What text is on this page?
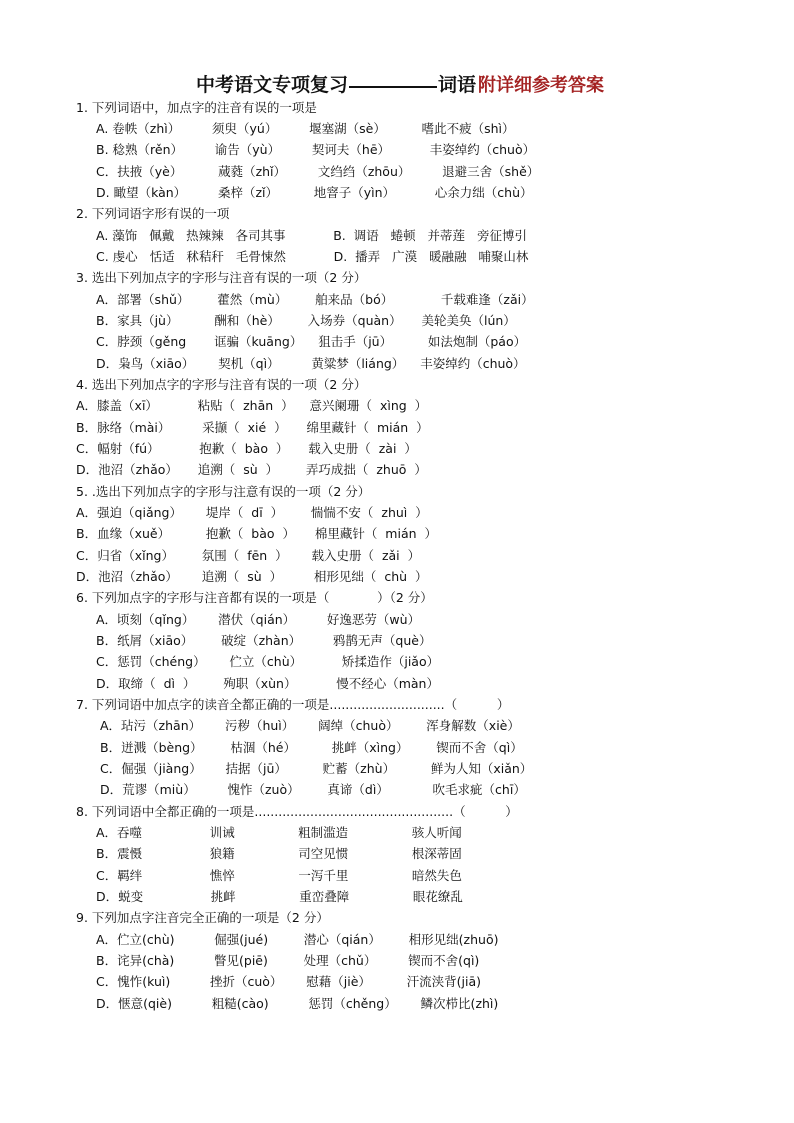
中考语文专项复习	词语 附详细参考答案
1. 下列词语中，加点字的注音有误的一项是
A. 卷帙（zhì）        须臾（yú）        堰塞湖（sè）         嗜此不疲（shì）
B. 稔熟（rěn）        谕告（yù）        契诃夫（hē）          丰姿绰约（chuò）
C．扶掖（yè）         蒇蕤（zhǐ）        文绉绉（zhōu）        退避三舍（shě）
D. 瞰望（kàn）        桑梓（zǐ）         地窨子（yìn）          心余力绌（chù）
2. 下列词语字形有误的一项
A. 藻饰   佩戴   热辣辣   各司其事            B.  调语   蜷顿   并蒂莲   旁征博引
C. 虔心   恬适   秫秸秆   毛骨悚然            D.  播弄   广漠   暖融融   哺聚山林
3. 选出下列加点字的字形与注音有误的一项（2 分）
A．部署（shǔ）       藿然（mù）       舶来品（bó）            千载难逢（zǎi）
B．家具（jù）         酬和（hè）       入场券（quàn）     美轮美奂（lún）
C．脖颈（gěng       诓骗（kuāng）    狙击手（jū）         如法炮制（páo）
D．枭鸟（xiāo）      契机（qì）        黄粱梦（liáng）    丰姿绰约（chuò）
4. 选出下列加点字的字形与注音有误的一项（2 分）
A．膝盖（xī）          粘贴（  zhān  ）    意兴阑珊（  xìng  ）
B．脉络（mài）        采撷（  xié  ）     绵里藏针（  mián  ）
C．幅射（fú）          抱歉（  bào  ）     载入史册（  zài  ）
D．池沼（zhǎo）     追溯（  sù  ）       弄巧成拙（  zhuō  ）
5. .选出下列加点字的字形与注意有误的一项（2 分）
A．强迫（qiǎng）      堤岸（  dī  ）       惴惴不安（  zhuì  ）
B．血缘（xuě）         抱歉（  bào  ）     棉里藏针（  mián  ）
C．归省（xǐng）       氛围（  fēn  ）      载入史册（  zǎi  ）
D．池沼（zhǎo）      追溯（  sù  ）        相形见绌（  chù  ）
6. 下列加点字的字形与注音都有误的一项是（            ）（2 分）
A．顷刻（qǐng）      潜伏（qián）        好逸恶劳（wù）
B．纸屑（xiāo）       破绽（zhàn）        鸦鹊无声（què）
C．惩罚（chéng）      伫立（chù）          矫揉造作（jiǎo）
D．取缔（  dì  ）       殉职（xùn）          慢不经心（màn）
7. 下列词语中加点字的读音全都正确的一项是.............................（          ）
A．玷污（zhān）      污秽（huì）      阔绰（chuò）       浑身解数（xiè）
B．迸溅（bèng）       枯涸（hé）         挑衅（xìng）       锲而不舍（qì）
C．倔强（jiàng）      拮据（jū）         贮蓄（zhù）         鲜为人知（xiǎn）
D．荒谬（miù）        愧怍（zuò）       真谛（dì）           吹毛求疵（chī）
8. 下列词语中全都正确的一项是..................................................（          ）
A．吞噬                 训诫                粗制滥造                骇人听闻
B．震慑                 狼籍                司空见惯                根深蒂固
C．羁绊                 憔悴                一泻千里                暗然失色
D．蜕变                 挑衅                重峦叠障                眼花缭乱
9. 下列加点字注音完全正确的一项是（2 分）
A．伫立(chù)          倔强(jué)         潜心（qián）       相形见绌(zhuō)
B．诧异(chà)          瞥见(piē)         处理（chǔ）        锲而不舍(qì)
C．愧怍(kuì)          挫折（cuò）      慰藉（jiè）         汗流浃背(jiā)
D．惬意(qiè)          粗糙(cào)          惩罚（chěng）      鳞次栉比(zhì)
